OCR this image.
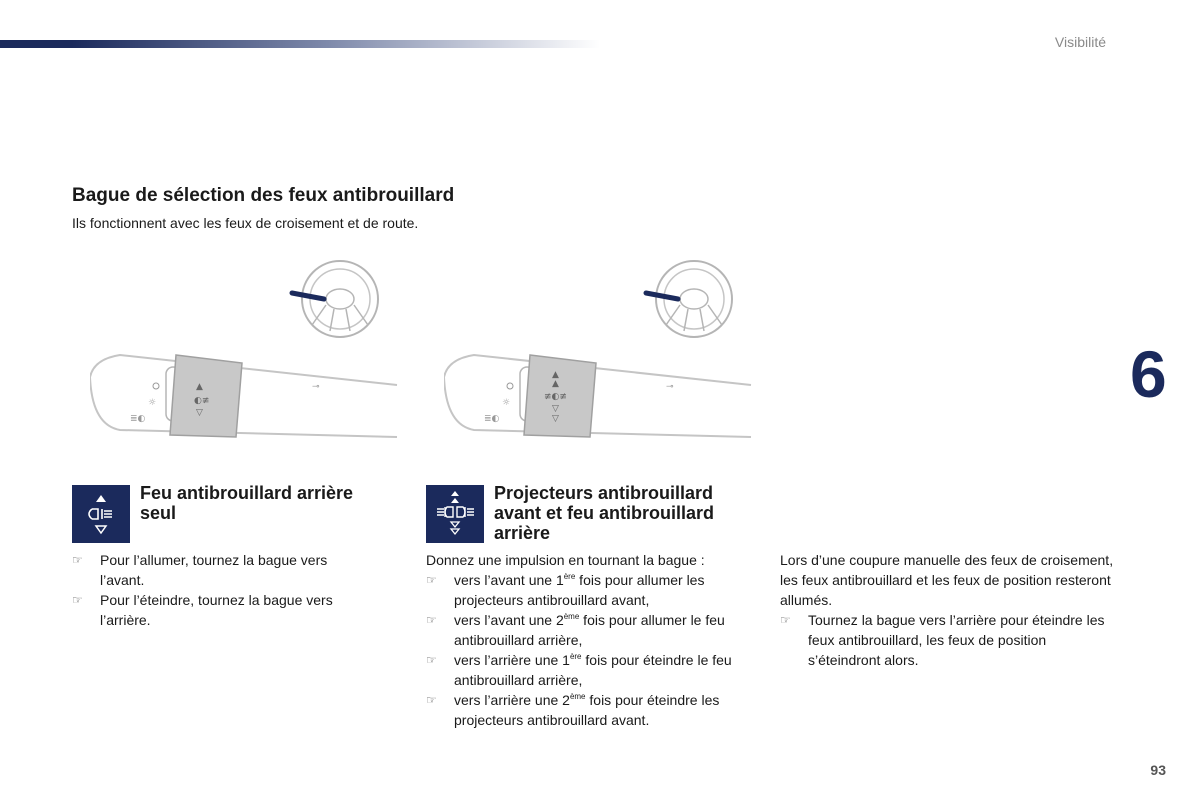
Visibilité
6
Bague de sélection des feux antibrouillard
Ils fonctionnent avec les feux de croisement et de route.
▲
◐≢
▽
☼
≣◐
⊸
▲
▲
≢◐≢
▽
▽
☼
≣◐
⊸
Feu antibrouillard arrière seul
☞ Pour l’allumer, tournez la bague vers l’avant.
☞ Pour l’éteindre, tournez la bague vers l’arrière.
Projecteurs antibrouillard avant et feu antibrouillard arrière

Donnez une impulsion en tournant la bague :

☞ vers l’avant une 1ère fois pour allumer les projecteurs antibrouillard avant,
☞ vers l’avant une 2ème fois pour allumer le feu antibrouillard arrière,
☞ vers l’arrière une 1ère fois pour éteindre le feu antibrouillard arrière,
☞ vers l’arrière une 2ème fois pour éteindre les projecteurs antibrouillard avant.

Lors d’une coupure manuelle des feux de croisement, les feux antibrouillard et les feux de position resteront allumés.

☞ Tournez la bague vers l’arrière pour éteindre les feux antibrouillard, les feux de position s’éteindront alors.
93
